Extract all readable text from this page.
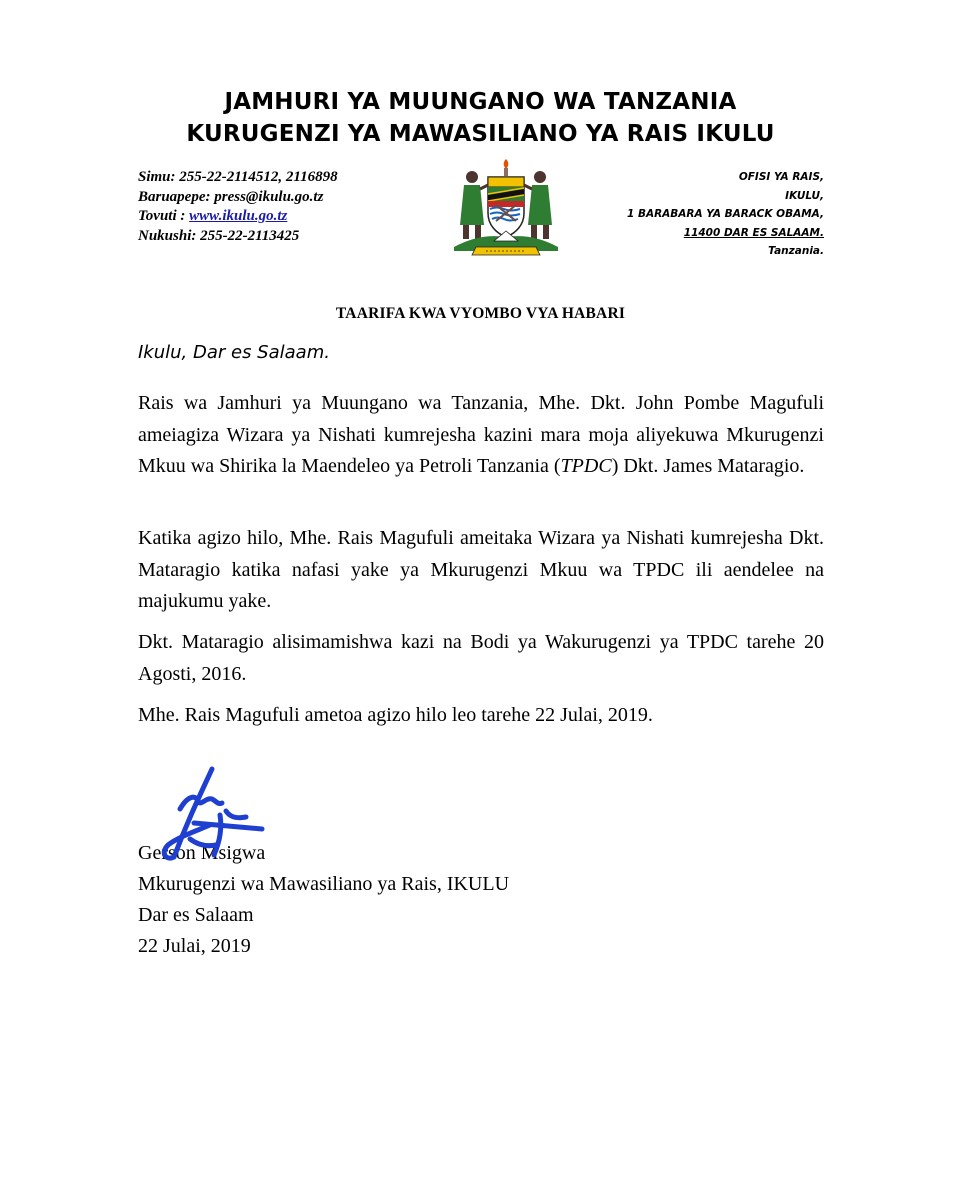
JAMHURI YA MUUNGANO WA TANZANIA
KURUGENZI YA MAWASILIANO YA RAIS IKULU
Simu: 255-22-2114512, 2116898
Baruapepe: press@ikulu.go.tz
Tovuti : www.ikulu.go.tz
Nukushi: 255-22-2113425
OFISI YA RAIS,
IKULU,
1 BARABARA YA BARACK OBAMA,
11400 DAR ES SALAAM.
Tanzania.
TAARIFA KWA VYOMBO VYA HABARI
Ikulu, Dar es Salaam.
Rais wa Jamhuri ya Muungano wa Tanzania, Mhe. Dkt. John Pombe Magufuli ameiagiza Wizara ya Nishati kumrejesha kazini mara moja aliyekuwa Mkurugenzi Mkuu wa Shirika la Maendeleo ya Petroli Tanzania (TPDC) Dkt. James Mataragio.
Katika agizo hilo, Mhe. Rais Magufuli ameitaka Wizara ya Nishati kumrejesha Dkt. Mataragio katika nafasi yake ya Mkurugenzi Mkuu wa TPDC ili aendelee na majukumu yake.
Dkt. Mataragio alisimamishwa kazi na Bodi ya Wakurugenzi ya TPDC tarehe 20 Agosti, 2016.
Mhe. Rais Magufuli ametoa agizo hilo leo tarehe 22 Julai, 2019.
Gerson Msigwa
Mkurugenzi wa Mawasiliano ya Rais, IKULU
Dar es Salaam
22 Julai, 2019
